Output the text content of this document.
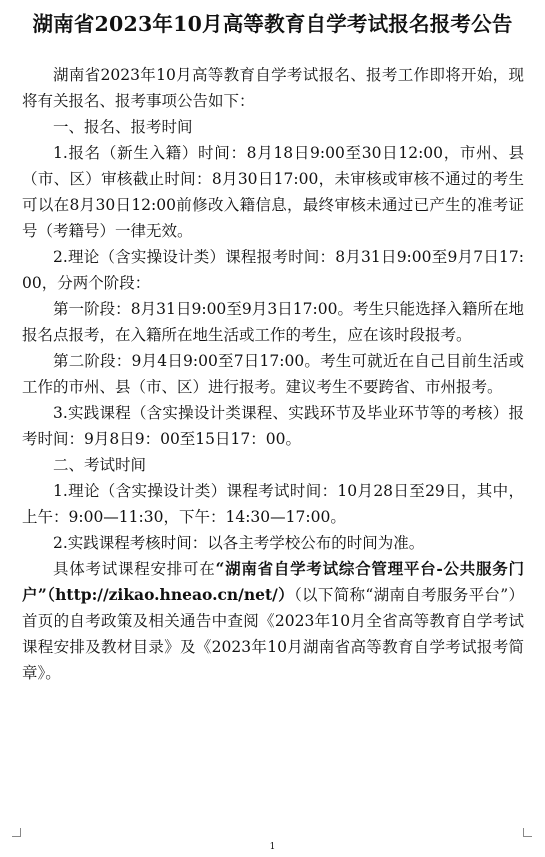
湖南省2023年10月高等教育自学考试报名报考公告

湖南省2023年10月高等教育自学考试报名、报考工作即将开始，现将有关报名、报考事项公告如下：

一、报名、报考时间

1.报名（新生入籍）时间：8月18日9:00至30日12:00，市州、县（市、区）审核截止时间：8月30日17:00，未审核或审核不通过的考生可以在8月30日12:00前修改入籍信息，最终审核未通过已产生的准考证号（考籍号）一律无效。

2.理论（含实操设计类）课程报考时间：8月31日9:00至9月7日17:00，分两个阶段：

第一阶段：8月31日9:00至9月3日17:00。考生只能选择入籍所在地报名点报考，在入籍所在地生活或工作的考生，应在该时段报考。

第二阶段：9月4日9:00至7日17:00。考生可就近在自己目前生活或工作的市州、县（市、区）进行报考。建议考生不要跨省、市州报考。

3.实践课程（含实操设计类课程、实践环节及毕业环节等的考核）报考时间：9月8日9：00至15日17：00。

二、考试时间

1.理论（含实操设计类）课程考试时间：10月28日至29日，其中，上午：9:00—11:30，下午：14:30—17:00。

2.实践课程考核时间：以各主考学校公布的时间为准。

具体考试课程安排可在“湖南省自学考试综合管理平台-公共服务门户”（http://zikao.hneao.cn/net/）（以下简称“湖南自考服务平台”）首页的自考政策及相关通告中查阅《2023年10月全省高等教育自学考试课程安排及教材目录》及《2023年10月湖南省高等教育自学考试报考简章》。

1
